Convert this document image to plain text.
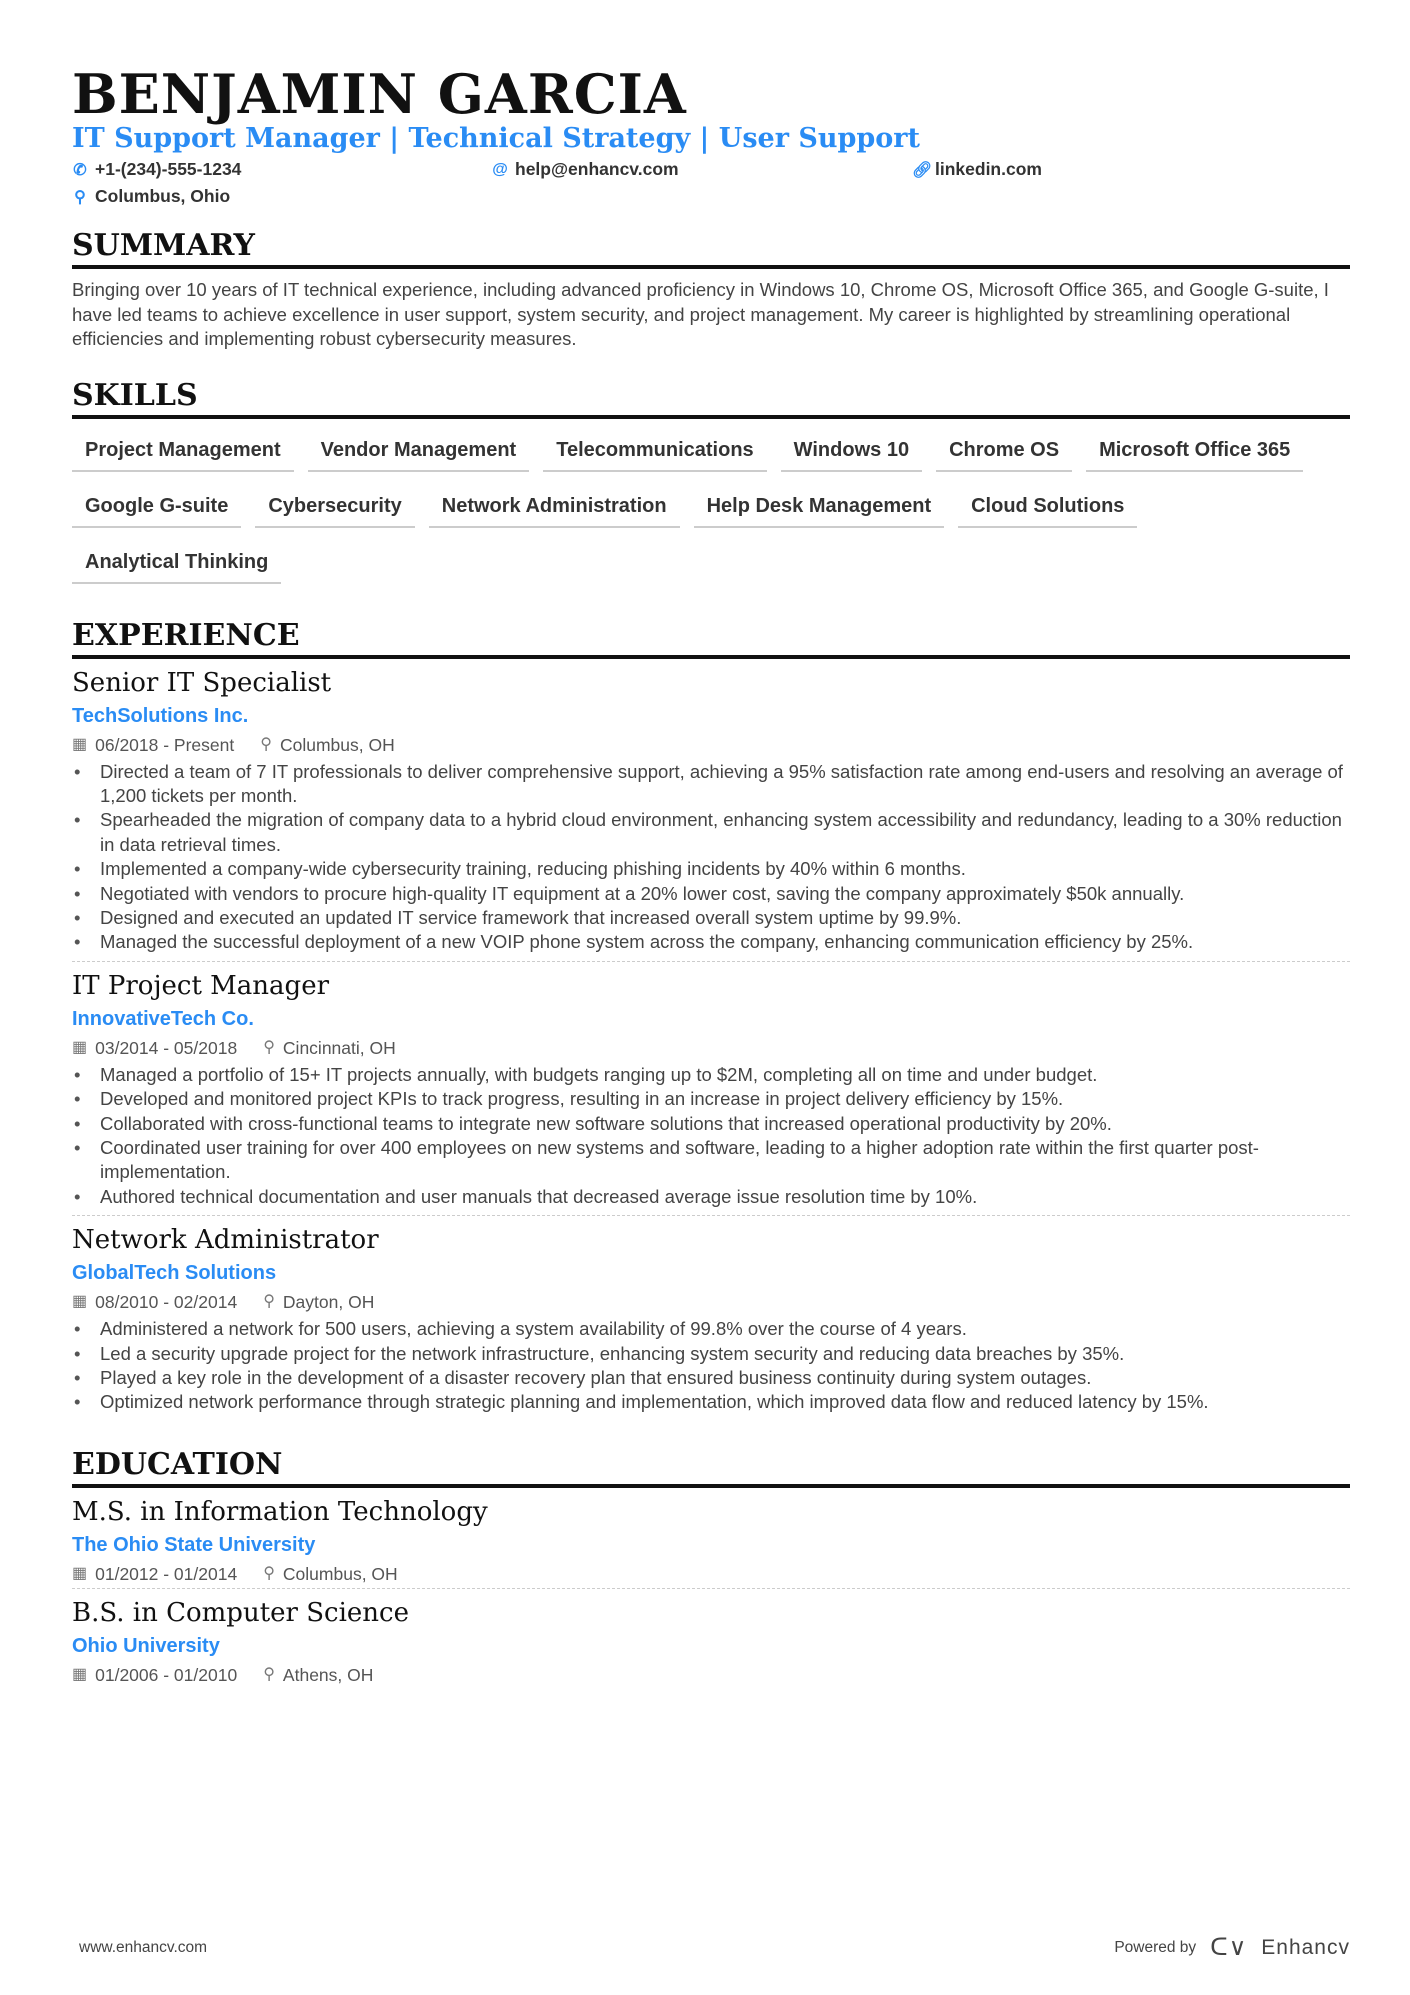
BENJAMIN GARCIA
IT Support Manager | Technical Strategy | User Support
✆ +1-(234)-555-1234	@ help@enhancv.com	🔗︎ linkedin.com
⚲ Columbus, Ohio
SUMMARY
Bringing over 10 years of IT technical experience, including advanced proficiency in Windows 10, Chrome OS, Microsoft Office 365, and Google G-suite, I have led teams to achieve excellence in user support, system security, and project management. My career is highlighted by streamlining operational efficiencies and implementing robust cybersecurity measures.
SKILLS
Project Management	Vendor Management	Telecommunications	Windows 10	Chrome OS	Microsoft Office 365
Google G-suite	Cybersecurity	Network Administration	Help Desk Management	Cloud Solutions
Analytical Thinking
EXPERIENCE
Senior IT Specialist
TechSolutions Inc.
▦ 06/2018 - Present ⚲ Columbus, OH
• Directed a team of 7 IT professionals to deliver comprehensive support, achieving a 95% satisfaction rate among end-users and resolving an average of 1,200 tickets per month.
• Spearheaded the migration of company data to a hybrid cloud environment, enhancing system accessibility and redundancy, leading to a 30% reduction in data retrieval times.
• Implemented a company-wide cybersecurity training, reducing phishing incidents by 40% within 6 months.
• Negotiated with vendors to procure high-quality IT equipment at a 20% lower cost, saving the company approximately $50k annually.
• Designed and executed an updated IT service framework that increased overall system uptime by 99.9%.
• Managed the successful deployment of a new VOIP phone system across the company, enhancing communication efficiency by 25%.
IT Project Manager
InnovativeTech Co.
▦ 03/2014 - 05/2018 ⚲ Cincinnati, OH
• Managed a portfolio of 15+ IT projects annually, with budgets ranging up to $2M, completing all on time and under budget.
• Developed and monitored project KPIs to track progress, resulting in an increase in project delivery efficiency by 15%.
• Collaborated with cross-functional teams to integrate new software solutions that increased operational productivity by 20%.
• Coordinated user training for over 400 employees on new systems and software, leading to a higher adoption rate within the first quarter post-implementation.
• Authored technical documentation and user manuals that decreased average issue resolution time by 10%.
Network Administrator
GlobalTech Solutions
▦ 08/2010 - 02/2014 ⚲ Dayton, OH
• Administered a network for 500 users, achieving a system availability of 99.8% over the course of 4 years.
• Led a security upgrade project for the network infrastructure, enhancing system security and reducing data breaches by 35%.
• Played a key role in the development of a disaster recovery plan that ensured business continuity during system outages.
• Optimized network performance through strategic planning and implementation, which improved data flow and reduced latency by 15%.
EDUCATION
M.S. in Information Technology
The Ohio State University
▦ 01/2012 - 01/2014 ⚲ Columbus, OH
B.S. in Computer Science
Ohio University
▦ 01/2006 - 01/2010 ⚲ Athens, OH
www.enhancv.com	Powered by ᑕ∨ Enhancv
